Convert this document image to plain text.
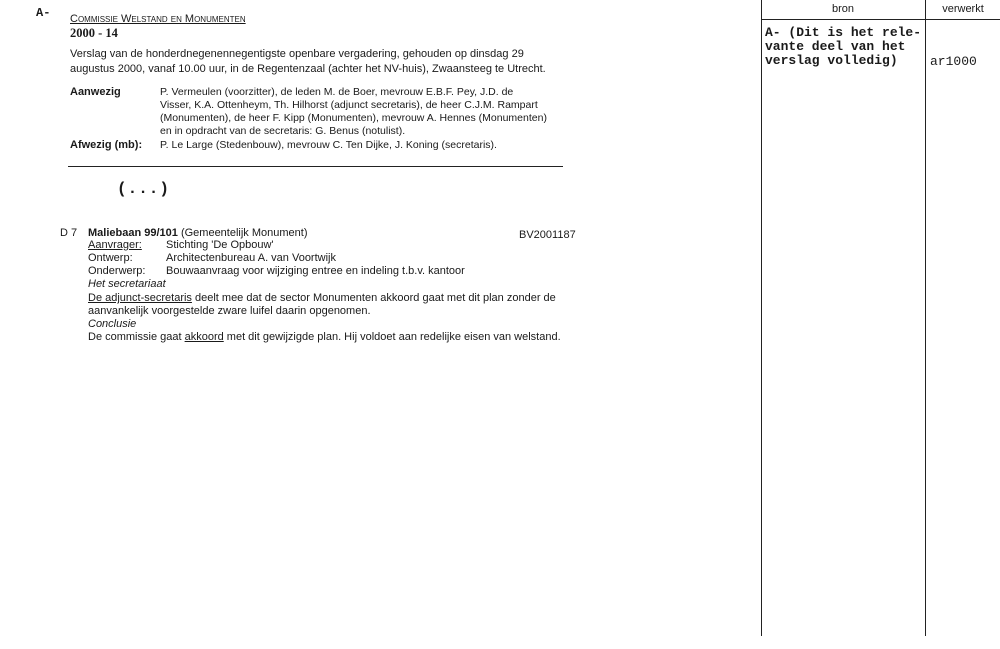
A- Commissie Welstand en Monumenten
2000 - 14
Verslag van de honderdnegenennegentigste openbare vergadering, gehouden op dinsdag 29
augustus 2000, vanaf 10.00 uur, in de Regentenzaal (achter het NV-huis), Zwaansteeg te Utrecht.
Aanwezig	P. Vermeulen (voorzitter), de leden M. de Boer, mevrouw E.B.F. Pey, J.D. de
Visser, K.A. Ottenheym, Th. Hilhorst (adjunct secretaris), de heer C.J.M. Rampart
(Monumenten), de heer F. Kipp (Monumenten), mevrouw A. Hennes (Monumenten)
en in opdracht van de secretaris: G. Benus (notulist).
Afwezig (mb): P. Le Large (Stedenbouw), mevrouw C. Ten Dijke, J. Koning (secretaris).
(...)
D 7 Maliebaan 99/101 (Gemeentelijk Monument)	BV2001187
Aanvrager: Stichting 'De Opbouw'
Ontwerp:	Architectenbureau A. van Voortwijk
Onderwerp: Bouwaanvraag voor wijziging entree en indeling t.b.v. kantoor
Het secretariaat
De adjunct-secretaris deelt mee dat de sector Monumenten akkoord gaat met dit plan zonder de
aanvankelijk voorgestelde zware luifel daarin opgenomen.
Conclusie
De commissie gaat akkoord met dit gewijzigde plan. Hij voldoet aan redelijke eisen van welstand.
bron	verwerkt
A- (Dit is het rele-
vante deel van het
verslag volledig)	ar1000
